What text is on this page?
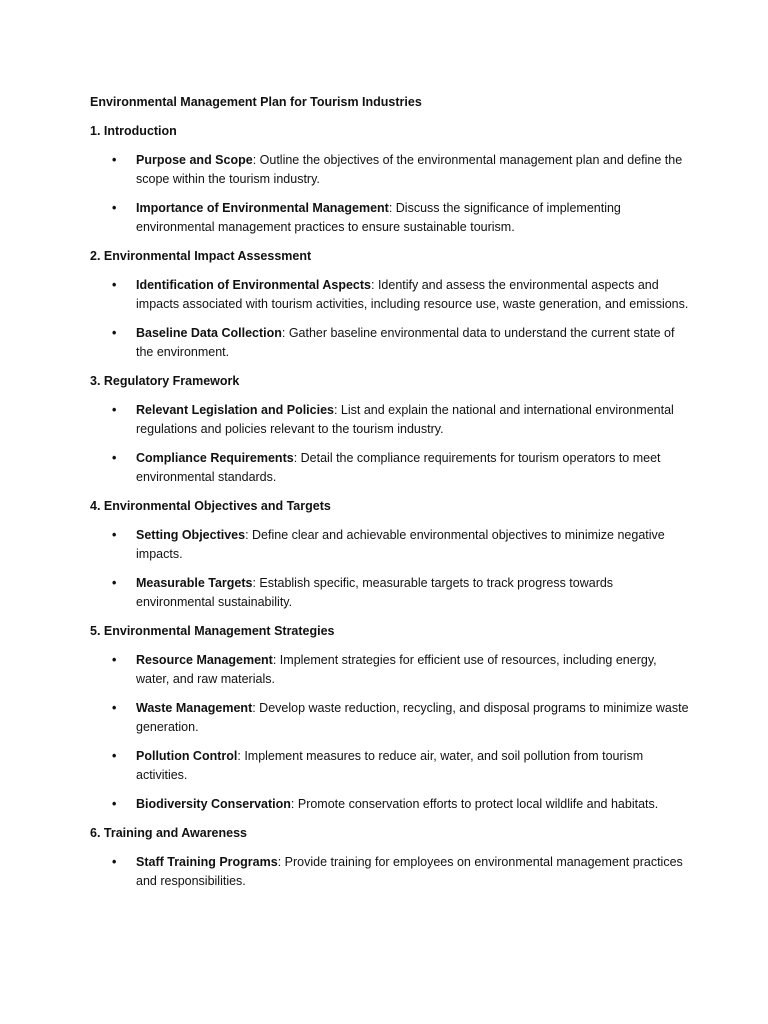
Environmental Management Plan for Tourism Industries
1. Introduction
• Purpose and Scope: Outline the objectives of the environmental management plan and define the scope within the tourism industry.
• Importance of Environmental Management: Discuss the significance of implementing environmental management practices to ensure sustainable tourism.
2. Environmental Impact Assessment
• Identification of Environmental Aspects: Identify and assess the environmental aspects and impacts associated with tourism activities, including resource use, waste generation, and emissions.
• Baseline Data Collection: Gather baseline environmental data to understand the current state of the environment.
3. Regulatory Framework
• Relevant Legislation and Policies: List and explain the national and international environmental regulations and policies relevant to the tourism industry.
• Compliance Requirements: Detail the compliance requirements for tourism operators to meet environmental standards.
4. Environmental Objectives and Targets
• Setting Objectives: Define clear and achievable environmental objectives to minimize negative impacts.
• Measurable Targets: Establish specific, measurable targets to track progress towards environmental sustainability.
5. Environmental Management Strategies
• Resource Management: Implement strategies for efficient use of resources, including energy, water, and raw materials.
• Waste Management: Develop waste reduction, recycling, and disposal programs to minimize waste generation.
• Pollution Control: Implement measures to reduce air, water, and soil pollution from tourism activities.
• Biodiversity Conservation: Promote conservation efforts to protect local wildlife and habitats.
6. Training and Awareness
• Staff Training Programs: Provide training for employees on environmental management practices and responsibilities.
